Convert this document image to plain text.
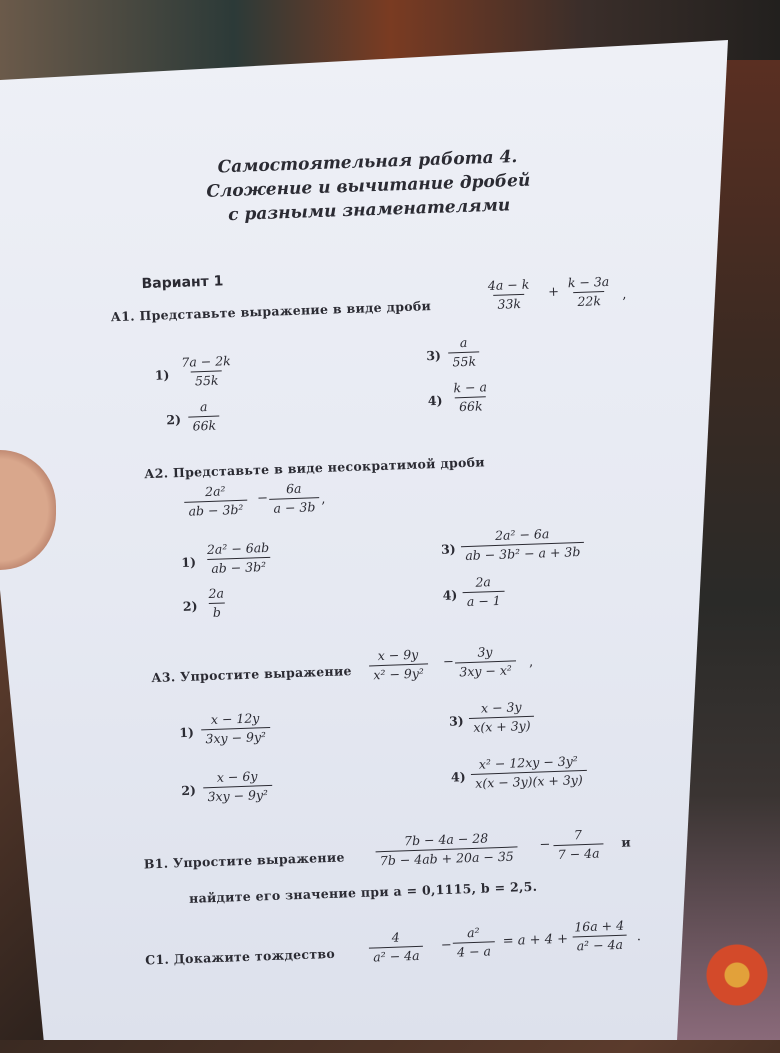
Самостоятельная работа 4.
Сложение и вычитание дробей
с разными знаменателями
Вариант 1
А1. Представьте выражение в виде дроби	$\frac{4a - k}{33k} + \frac{k - 3a}{22k}$ ,
$1) \frac{7a - 2k}{55k}$
$2) \frac{a}{66k}$
$3) \frac{a}{55k}$
$4) \frac{k - a}{66k}$
А2. Представьте в виде несократимой дроби
$\frac{\text{2a²}}{\text{ab − 3b²}} - \frac{6a}{a - 3b}$ ,
$1) \frac{\text{2a² − 6ab}}{\text{ab − 3b²}}$
$2) \frac{2a}{b}$
$3) \frac{\text{2a² − 6a}}{\text{ab − 3b² − a + 3b}}$
$4) \frac{2a}{a - 1}$
А3. Упростите выражение $\frac{x - 9y}{\text{x² − 9y²}} - \frac{3y}{\text{3xy − x²}}$ ,
$1) \frac{x - 12y}{\text{3xy − 9y²}}$
$2) \frac{x - 6y}{\text{3xy − 9y²}}$
$3) \frac{x - 3y}{x(x + 3y)}$
$4) \frac{\text{x² − 12xy − 3y²}}{x(x - 3y)(x + 3y)}$
В1. Упростите выражение $\frac{7b - 4a - 28}{7b - 4ab + 20a - 35} - \frac{7}{7 - 4a}$ и
найдите его значение при a = 0,1115, b = 2,5.
С1. Докажите тождество	$\frac{4}{\text{a² − 4a}} - \frac{\text{a²}}{4 - a} = a + 4 + \frac{16a + 4}{\text{a² − 4a}}$ .
